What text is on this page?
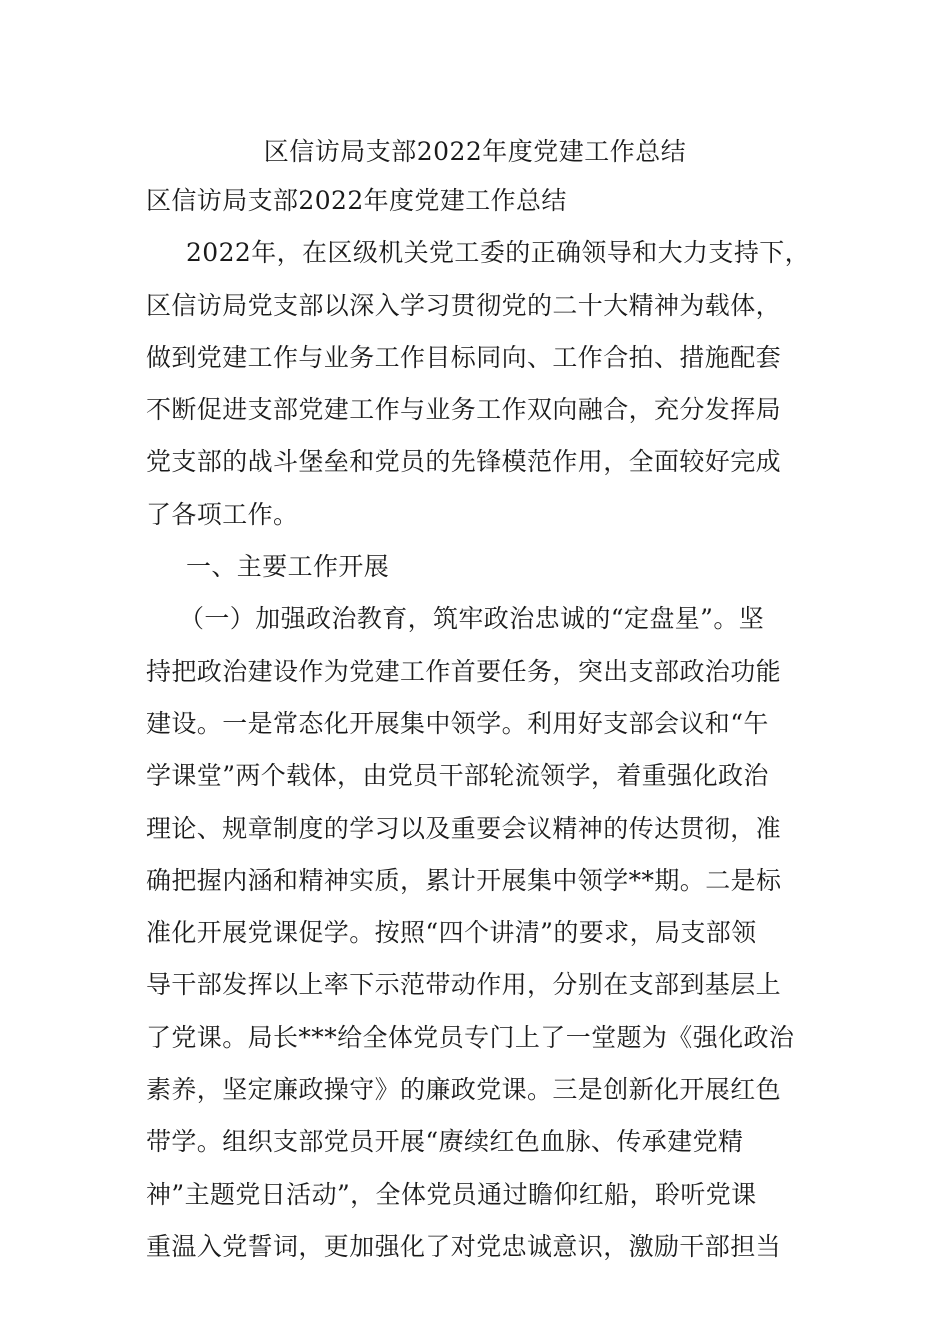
区信访局支部2022年度党建工作总结
区信访局支部2022年度党建工作总结
2022年，在区级机关党工委的正确领导和大力支持下，
区信访局党支部以深入学习贯彻党的二十大精神为载体，
做到党建工作与业务工作目标同向、工作合拍、措施配套
不断促进支部党建工作与业务工作双向融合，充分发挥局
党支部的战斗堡垒和党员的先锋模范作用，全面较好完成
了各项工作。
一、主要工作开展
（一）加强政治教育，筑牢政治忠诚的“定盘星”。坚
持把政治建设作为党建工作首要任务，突出支部政治功能
建设。一是常态化开展集中领学。利用好支部会议和“午
学课堂”两个载体，由党员干部轮流领学，着重强化政治
理论、规章制度的学习以及重要会议精神的传达贯彻，准
确把握内涵和精神实质，累计开展集中领学**期。二是标
准化开展党课促学。按照“四个讲清”的要求，局支部领
导干部发挥以上率下示范带动作用，分别在支部到基层上
了党课。局长***给全体党员专门上了一堂题为《强化政治
素养，坚定廉政操守》的廉政党课。三是创新化开展红色
带学。组织支部党员开展“赓续红色血脉、传承建党精
神”主题党日活动”，全体党员通过瞻仰红船，聆听党课
重温入党誓词，更加强化了对党忠诚意识，激励干部担当
